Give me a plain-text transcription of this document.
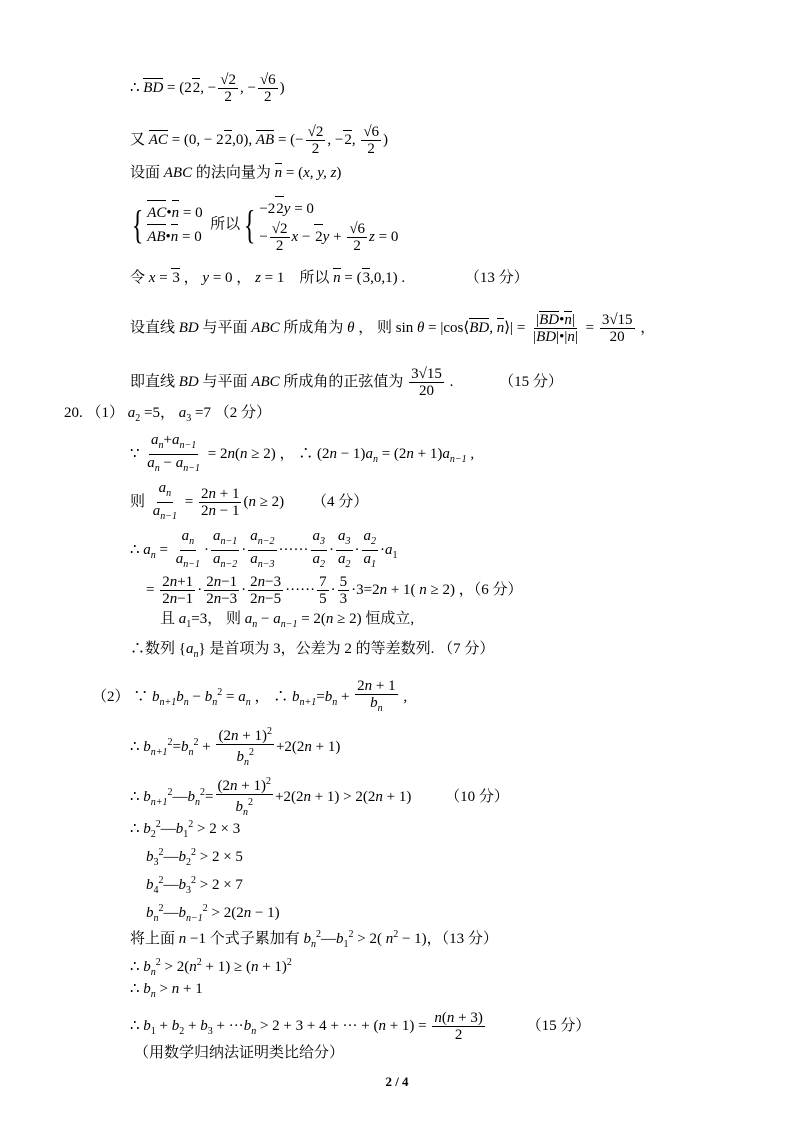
∴ BD = (22, − $\frac{√2}{2}$ , − $\frac{√6}{2}$ )
又 AC = (0, − 22,0), AB = (− $\frac{√2}{2}$ , −2, $\frac{√6}{2}$ )
设面 ABC 的法向量为 n = (x, y, z)
{ AC•n = 0
AB•n = 0
所以{ −22y = 0
− $\frac{√2}{2}$ $x - 2y + \frac{√6}{2}$ z = 0
令 x = 3 ， y = 0 ， z = 1    所以 n = (3,0,1) .	（13 分）
设直线 BD 与平面 ABC 所成角为 θ ， 则 sin θ = |cos⟨BD, n⟩| = $\frac{|BD•n|}{|BD|•|n|} = \frac{3√15}{20}$ ，
即直线 BD 与平面 ABC 所成角的正弦值为 $\frac{3√15}{20}$ .	（15 分）
20. （1） $a_2 =5$， $a_3 =7$ （2 分）
∵ $\frac{a_n+a_{n-1}}{a_n - a_{n-1}} = 2n(n \ge 2)$ ， ∴ $(2n - 1)a_n = (2n + 1)a_{n-1}$ ,
则 $\frac{a_n}{a_{n-1}} = \frac{2n + 1}{2n - 1} (n \ge 2)$ （4 分）
∴ $a_n = \frac{a_n}{a_{n-1}} \cdot \frac{a_{n-1}}{a_{n-2}} \cdot \frac{a_{n-2}}{a_{n-3}}$ ······ $\frac{a_3}{a_2} \cdot \frac{a_3}{a_2} \cdot \frac{a_2}{a_1} \cdot a_1$
= $\frac{2n+1}{2n-1} \cdot \frac{2n-1}{2n-3} \cdot \frac{2n-3}{2n-5}$ ······ $\frac{7}{5} \cdot \frac{5}{3} \cdot 3=2n + 1$( n ≥ 2) ，（6 分）
且 $a_1=3$， 则 $a_n - a_{n-1} = 2(n \ge 2)$ 恒成立,
∴数列 $\{a_n\}$ 是首项为 3，公差为 2 的等差数列. （7 分）
（2） ∵ $b_{n+1}b_n - b_n^2 = a_n$ ， ∴ $b_{n+1}=b_n + \frac{2n + 1}{b_n}$ ,
∴ $b_{n+1}^2=b_n^2 + \frac{(2n + 1)^2}{b_n^2} +2(2n + 1)$
∴ $b_{n+1}^2—b_n^2= \frac{(2n + 1)^2}{b_n^2} +2(2n + 1) > 2(2n + 1)$ （10 分）
∴ $b_2^2—b_1^2 > 2 \times 3$
$b_3^2—b_2^2 > 2 \times 5$
$b_4^2—b_3^2 > 2 \times 7$
$b_n^2—b_{n-1}^2 > 2(2n - 1)$
将上面 n −1 个式子累加有 $b_n^2—b_1^2 > 2$( $n^2 - 1$)，（13 分）
∴ $b_n^2 > 2(n^2 + 1) \ge (n + 1)^2$
∴ $b_n > n + 1$
∴ $b_1 + b_2 + b_3 + \cdot\cdot\cdot b_n > 2 + 3 + 4$ + ··· + $(n + 1) = \frac{n(n + 3)}{2}$	（15 分）
（用数学归纳法证明类比给分）
2 / 4
